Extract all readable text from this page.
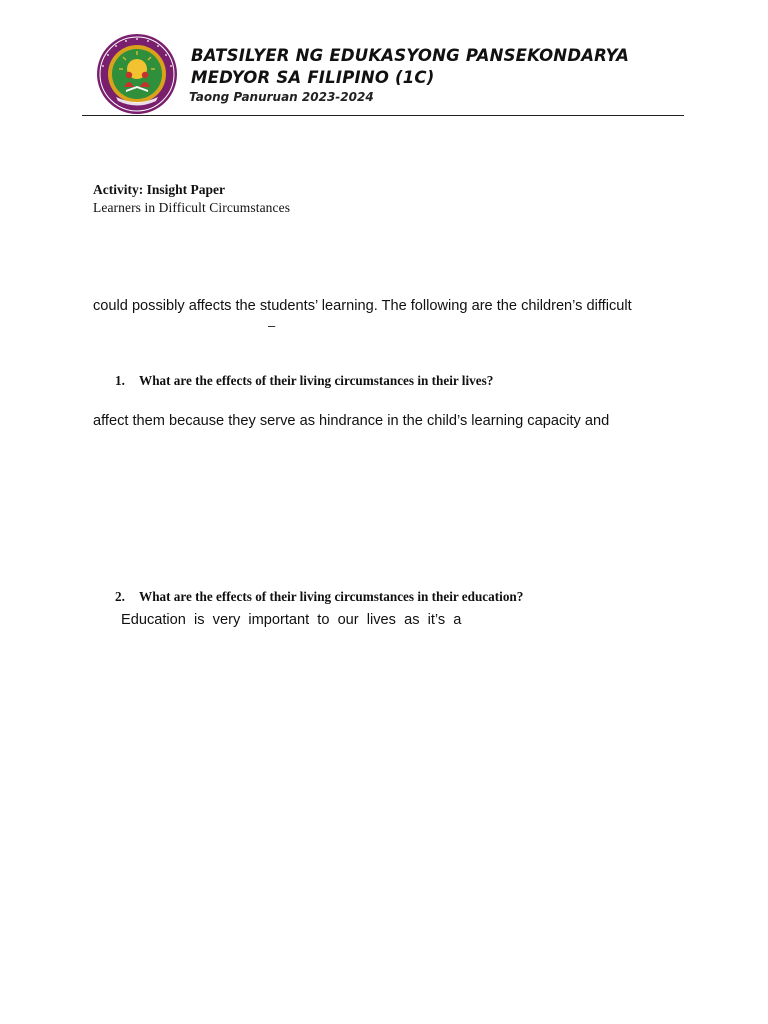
BATSILYER NG EDUKASYONG PANSEKONDARYA
MEDYOR SA FILIPINO (1C)
Taong Panuruan 2023-2024
Activity: Insight Paper
Learners in Difficult Circumstances
could possibly affects the students’ learning. The following are the children’s difficult
–
1. What are the effects of their living circumstances in their lives?
affect them because they serve as hindrance in the child’s learning capacity and
2. What are the effects of their living circumstances in their education?
Education  is  very  important  to  our  lives  as  it’s  a
